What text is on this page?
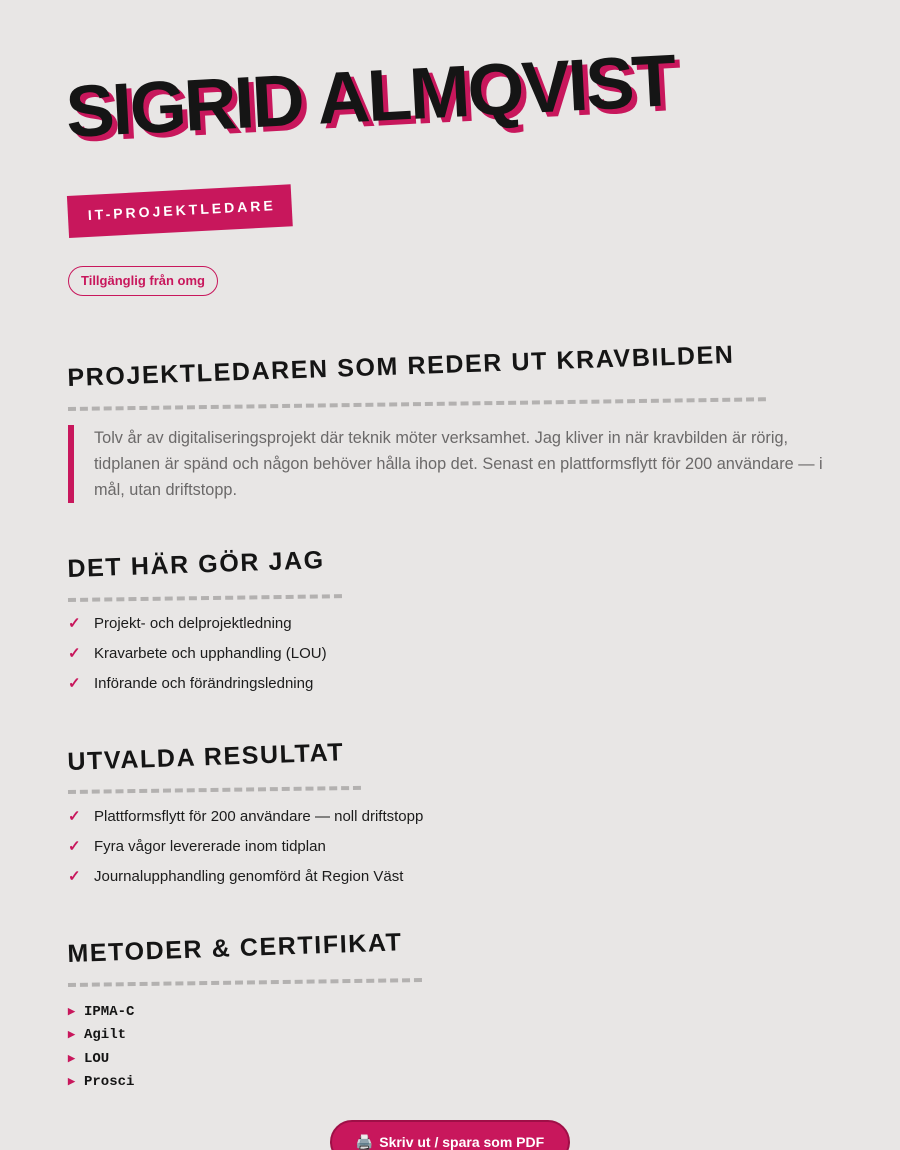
SIGRID ALMQVIST
IT-PROJEKTLEDARE
Tillgänglig från omg
PROJEKTLEDAREN SOM REDER UT KRAVBILDEN

Tolv år av digitaliseringsprojekt där teknik möter verksamhet. Jag kliver in när kravbilden är rörig, tidplanen är spänd och någon behöver hålla ihop det. Senast en plattformsflytt för 200 användare — i mål, utan driftstopp.

DET HÄR GÖR JAG
✓ Projekt- och delprojektledning
✓ Kravarbete och upphandling (LOU)
✓ Införande och förändringsledning
UTVALDA RESULTAT
✓ Plattformsflytt för 200 användare — noll driftstopp
✓ Fyra vågor levererade inom tidplan
✓ Journalupphandling genomförd åt Region Väst
METODER & CERTIFIKAT
▶ IPMA-C
▶ Agilt
▶ LOU
▶ Prosci
🖨️ Skriv ut / spara som PDF
